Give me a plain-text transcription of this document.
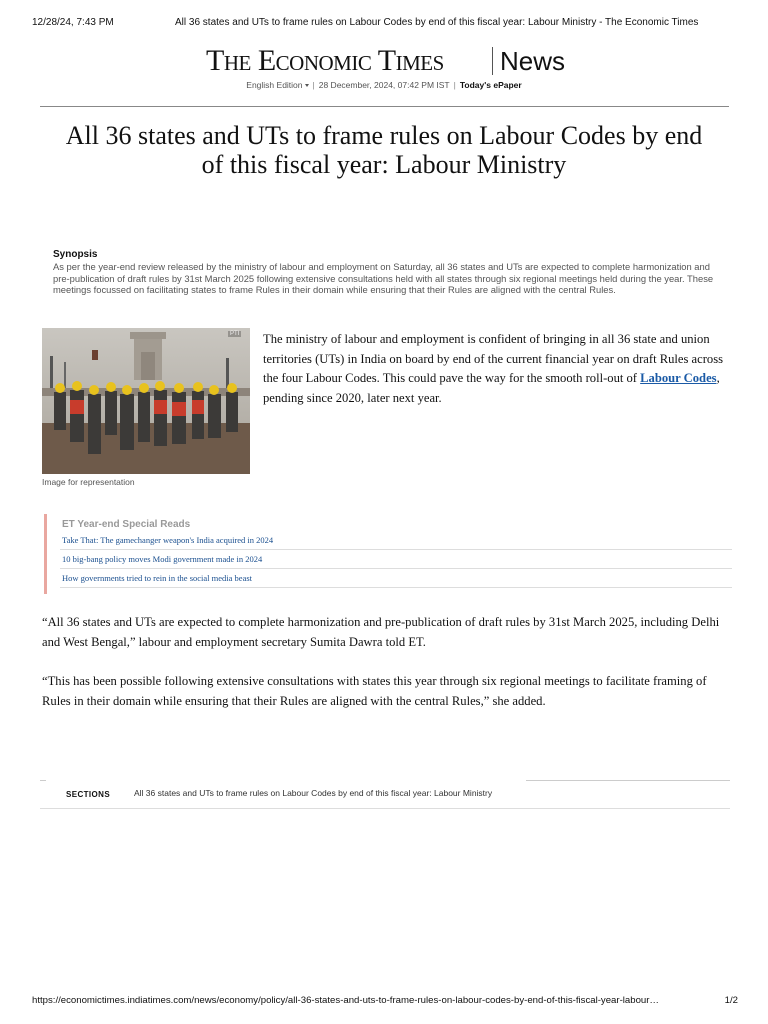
12/28/24, 7:43 PM	All 36 states and UTs to frame rules on Labour Codes by end of this fiscal year: Labour Ministry - The Economic Times
The Economic Times News
English Edition | 28 December, 2024, 07:42 PM IST | Today's ePaper
All 36 states and UTs to frame rules on Labour Codes by end of this fiscal year: Labour Ministry
Synopsis
As per the year-end review released by the ministry of labour and employment on Saturday, all 36 states and UTs are expected to complete harmonization and pre-publication of draft rules by 31st March 2025 following extensive consultations held with all states through six regional meetings held during the year. These meetings focussed on facilitating states to frame Rules in their domain while ensuring that their Rules are aligned with the central Rules.
PTI
Image for representation
The ministry of labour and employment is confident of bringing in all 36 state and union territories (UTs) in India on board by end of the current financial year on draft Rules across the four Labour Codes. This could pave the way for the smooth roll-out of Labour Codes, pending since 2020, later next year.
ET Year-end Special Reads
Take That: The gamechanger weapon's India acquired in 2024
10 big-bang policy moves Modi government made in 2024
How governments tried to rein in the social media beast

“All 36 states and UTs are expected to complete harmonization and pre-publication of draft rules by 31st March 2025, including Delhi and West Bengal,” labour and employment secretary Sumita Dawra told ET.

“This has been possible following extensive consultations with states this year through six regional meetings to facilitate framing of Rules in their domain while ensuring that their Rules are aligned with the central Rules,” she added.

SECTIONS	All 36 states and UTs to frame rules on Labour Codes by end of this fiscal year: Labour Ministry
https://economictimes.indiatimes.com/news/economy/policy/all-36-states-and-uts-to-frame-rules-on-labour-codes-by-end-of-this-fiscal-year-labour…	1/2
